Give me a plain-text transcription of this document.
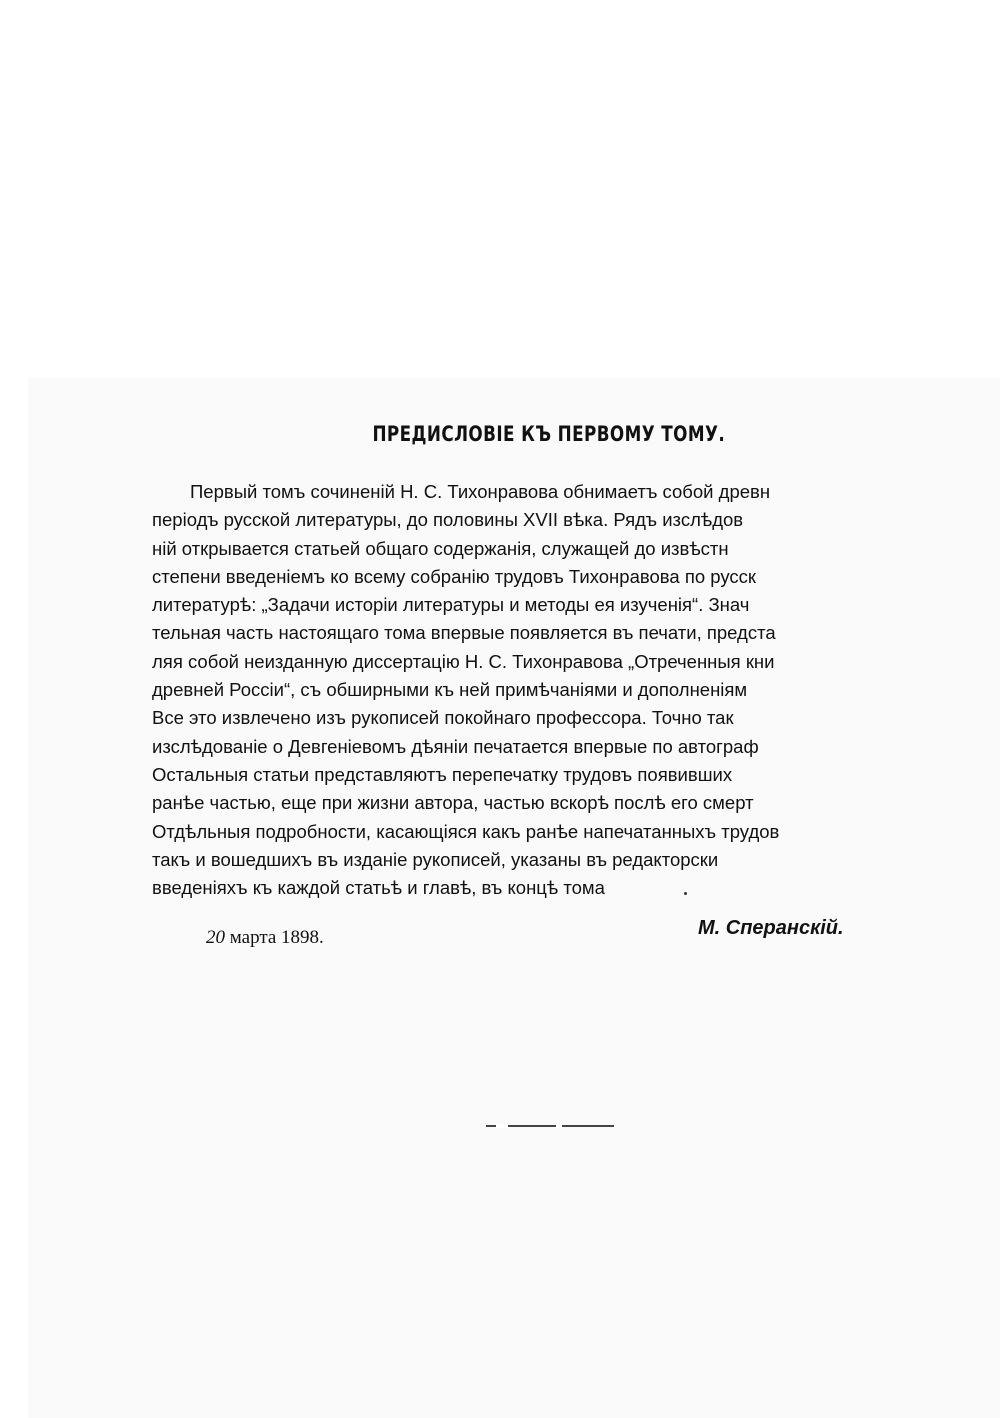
ПРЕДИСЛОВІЕ КЪ ПЕРВОМУ ТОМУ.
Первый томъ сочиненій Н. С. Тихонравова обнимаетъ собой древн
періодъ русской литературы, до половины XVII вѣка. Рядъ изслѣдов
ній открывается статьей общаго содержанія, служащей до извѣстн
степени введеніемъ ко всему собранію трудовъ Тихонравова по русск
литературѣ: „Задачи исторіи литературы и методы ея изученія“. Знач
тельная часть настоящаго тома впервые появляется въ печати, предста
ляя собой неизданную диссертацію Н. С. Тихонравова „Отреченныя кни
древней Россіи“, съ обширными къ ней примѣчаніями и дополненіям
Все это извлечено изъ рукописей покойнаго профессора. Точно так
изслѣдованіе о Девгеніевомъ дѣяніи печатается впервые по автограф
Остальныя статьи представляютъ перепечатку трудовъ появивших
ранѣе частью, еще при жизни автора, частью вскорѣ послѣ его смерт
Отдѣльныя подробности, касающіяся какъ ранѣе напечатанныхъ трудов
такъ и вошедшихъ въ изданіе рукописей, указаны въ редакторски
введеніяхъ къ каждой статьѣ и главѣ, въ концѣ тома
20 марта 1898.	М. Сперанскій.
